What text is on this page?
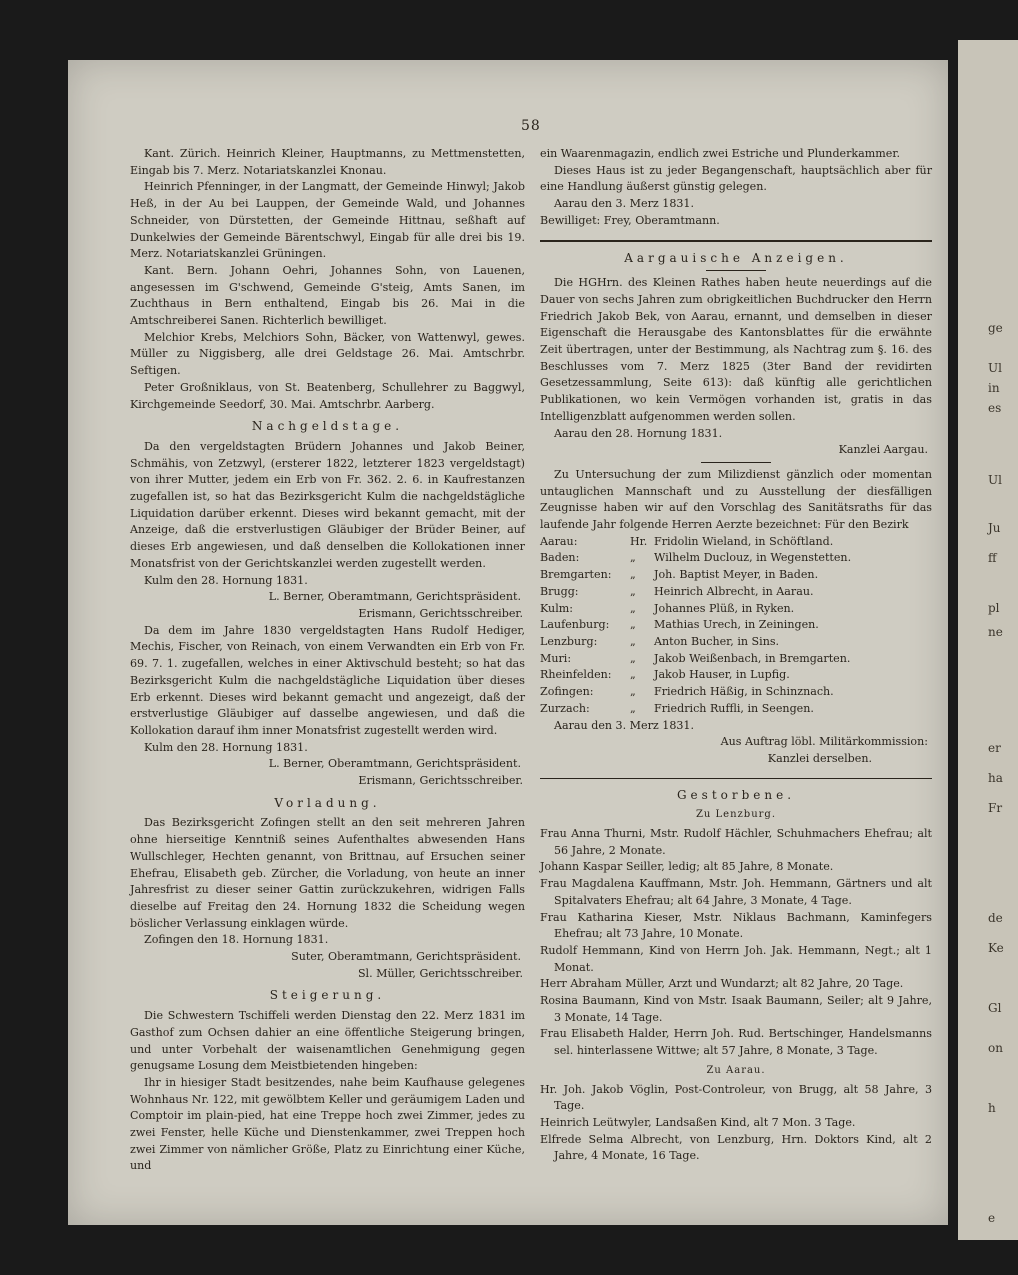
ge
Ul
in
es
Ul
Ju
ff
pl
ne
er
ha
Fr
de
Ke
Gl
on
h
e
58

Kant. Zürich. Heinrich Kleiner, Hauptmanns, zu Mettmenstetten, Eingab bis 7. Merz. Notariatskanzlei Knonau.

Heinrich Pfenninger, in der Langmatt, der Gemeinde Hinwyl; Jakob Heß, in der Au bei Lauppen, der Gemeinde Wald, und Johannes Schneider, von Dürstetten, der Gemeinde Hittnau, seßhaft auf Dunkelwies der Gemeinde Bärentschwyl, Eingab für alle drei bis 19. Merz. Notariatskanzlei Grüningen.

Kant. Bern. Johann Oehri, Johannes Sohn, von Lauenen, angesessen im G'schwend, Gemeinde G'steig, Amts Sanen, im Zuchthaus in Bern enthaltend, Eingab bis 26. Mai in die Amtschreiberei Sanen. Richterlich bewilliget.

Melchior Krebs, Melchiors Sohn, Bäcker, von Wattenwyl, gewes. Müller zu Niggisberg, alle drei Geldstage 26. Mai. Amtschrbr. Seftigen.

Peter Großniklaus, von St. Beatenberg, Schullehrer zu Baggwyl, Kirchgemeinde Seedorf, 30. Mai. Amtschrbr. Aarberg.

Nachgeldstage.

Da den vergeldstagten Brüdern Johannes und Jakob Beiner, Schmähis, von Zetzwyl, (ersterer 1822, letzterer 1823 vergeldstagt) von ihrer Mutter, jedem ein Erb von Fr. 362. 2. 6. in Kaufrestanzen zugefallen ist, so hat das Bezirksgericht Kulm die nachgeldstägliche Liquidation darüber erkennt. Dieses wird bekannt gemacht, mit der Anzeige, daß die erstverlustigen Gläubiger der Brüder Beiner, auf dieses Erb angewiesen, und daß denselben die Kollokationen inner Monatsfrist von der Gerichtskanzlei werden zugestellt werden.

Kulm den 28. Hornung 1831.

L. Berner, Oberamtmann, Gerichtspräsident.

Erismann, Gerichtsschreiber.

Da dem im Jahre 1830 vergeldstagten Hans Rudolf Hediger, Mechis, Fischer, von Reinach, von einem Verwandten ein Erb von Fr. 69. 7. 1. zugefallen, welches in einer Aktivschuld besteht; so hat das Bezirksgericht Kulm die nachgeldstägliche Liquidation über dieses Erb erkennt. Dieses wird bekannt gemacht und angezeigt, daß der erstverlustige Gläubiger auf dasselbe angewiesen, und daß die Kollokation darauf ihm inner Monatsfrist zugestellt werden wird.

Kulm den 28. Hornung 1831.

L. Berner, Oberamtmann, Gerichtspräsident.

Erismann, Gerichtsschreiber.

Vorladung.

Das Bezirksgericht Zofingen stellt an den seit mehreren Jahren ohne hierseitige Kenntniß seines Aufenthaltes abwesenden Hans Wullschleger, Hechten genannt, von Brittnau, auf Ersuchen seiner Ehefrau, Elisabeth geb. Zürcher, die Vorladung, von heute an inner Jahresfrist zu dieser seiner Gattin zurückzukehren, widrigen Falls dieselbe auf Freitag den 24. Hornung 1832 die Scheidung wegen böslicher Verlassung einklagen würde.

Zofingen den 18. Hornung 1831.

Suter, Oberamtmann, Gerichtspräsident.

Sl. Müller, Gerichtsschreiber.

Steigerung.

Die Schwestern Tschiffeli werden Dienstag den 22. Merz 1831 im Gasthof zum Ochsen dahier an eine öffentliche Steigerung bringen, und unter Vorbehalt der waisenamtlichen Genehmigung gegen genugsame Losung dem Meistbietenden hingeben:

Ihr in hiesiger Stadt besitzendes, nahe beim Kaufhause gelegenes Wohnhaus Nr. 122, mit gewölbtem Keller und geräumigem Laden und Comptoir im plain-pied, hat eine Treppe hoch zwei Zimmer, jedes zu zwei Fenster, helle Küche und Dienstenkammer, zwei Treppen hoch zwei Zimmer von nämlicher Größe, Platz zu Einrichtung einer Küche, und

ein Waarenmagazin, endlich zwei Estriche und Plunderkammer.

Dieses Haus ist zu jeder Begangenschaft, hauptsächlich aber für eine Handlung äußerst günstig gelegen.

Aarau den 3. Merz 1831.

Bewilliget: Frey, Oberamtmann.

Aargauische Anzeigen.

Die HGHrn. des Kleinen Rathes haben heute neuerdings auf die Dauer von sechs Jahren zum obrigkeitlichen Buchdrucker den Herrn Friedrich Jakob Bek, von Aarau, ernannt, und demselben in dieser Eigenschaft die Herausgabe des Kantonsblattes für die erwähnte Zeit übertragen, unter der Bestimmung, als Nachtrag zum §. 16. des Beschlusses vom 7. Merz 1825 (3ter Band der revidirten Gesetzessammlung, Seite 613): daß künftig alle gerichtlichen Publikationen, wo kein Vermögen vorhanden ist, gratis in das Intelligenzblatt aufgenommen werden sollen.

Aarau den 28. Hornung 1831.

Kanzlei Aargau.

Zu Untersuchung der zum Milizdienst gänzlich oder momentan untauglichen Mannschaft und zu Ausstellung der diesfälligen Zeugnisse haben wir auf den Vorschlag des Sanitätsraths für das laufende Jahr folgende Herren Aerzte bezeichnet: Für den Bezirk

Aarau:	Hr. Fridolin Wieland, in Schöftland.
Baden:	„	Wilhelm Duclouz, in Wegenstetten.
Bremgarten:	„	Joh. Baptist Meyer, in Baden.
Brugg:	„	Heinrich Albrecht, in Aarau.
Kulm:	„	Johannes Plüß, in Ryken.
Laufenburg:	„	Mathias Urech, in Zeiningen.
Lenzburg:	„	Anton Bucher, in Sins.
Muri:	„	Jakob Weißenbach, in Bremgarten.
Rheinfelden:	„	Jakob Hauser, in Lupfig.
Zofingen:	„	Friedrich Häßig, in Schinznach.
Zurzach:	„	Friedrich Ruffli, in Seengen.

Aarau den 3. Merz 1831.

Aus Auftrag löbl. Militärkommission:

Kanzlei derselben.

Gestorbene.
Zu Lenzburg.

Frau Anna Thurni, Mstr. Rudolf Hächler, Schuhmachers Ehefrau; alt 56 Jahre, 2 Monate.

Johann Kaspar Seiller, ledig; alt 85 Jahre, 8 Monate.

Frau Magdalena Kauffmann, Mstr. Joh. Hemmann, Gärtners und alt Spitalvaters Ehefrau; alt 64 Jahre, 3 Monate, 4 Tage.

Frau Katharina Kieser, Mstr. Niklaus Bachmann, Kaminfegers Ehefrau; alt 73 Jahre, 10 Monate.

Rudolf Hemmann, Kind von Herrn Joh. Jak. Hemmann, Negt.; alt 1 Monat.

Herr Abraham Müller, Arzt und Wundarzt; alt 82 Jahre, 20 Tage.

Rosina Baumann, Kind von Mstr. Isaak Baumann, Seiler; alt 9 Jahre, 3 Monate, 14 Tage.

Frau Elisabeth Halder, Herrn Joh. Rud. Bertschinger, Handelsmanns sel. hinterlassene Wittwe; alt 57 Jahre, 8 Monate, 3 Tage.

Zu Aarau.

Hr. Joh. Jakob Vöglin, Post-Controleur, von Brugg, alt 58 Jahre, 3 Tage.

Heinrich Leütwyler, Landsaßen Kind, alt 7 Mon. 3 Tage.

Elfrede Selma Albrecht, von Lenzburg, Hrn. Doktors Kind, alt 2 Jahre, 4 Monate, 16 Tage.
